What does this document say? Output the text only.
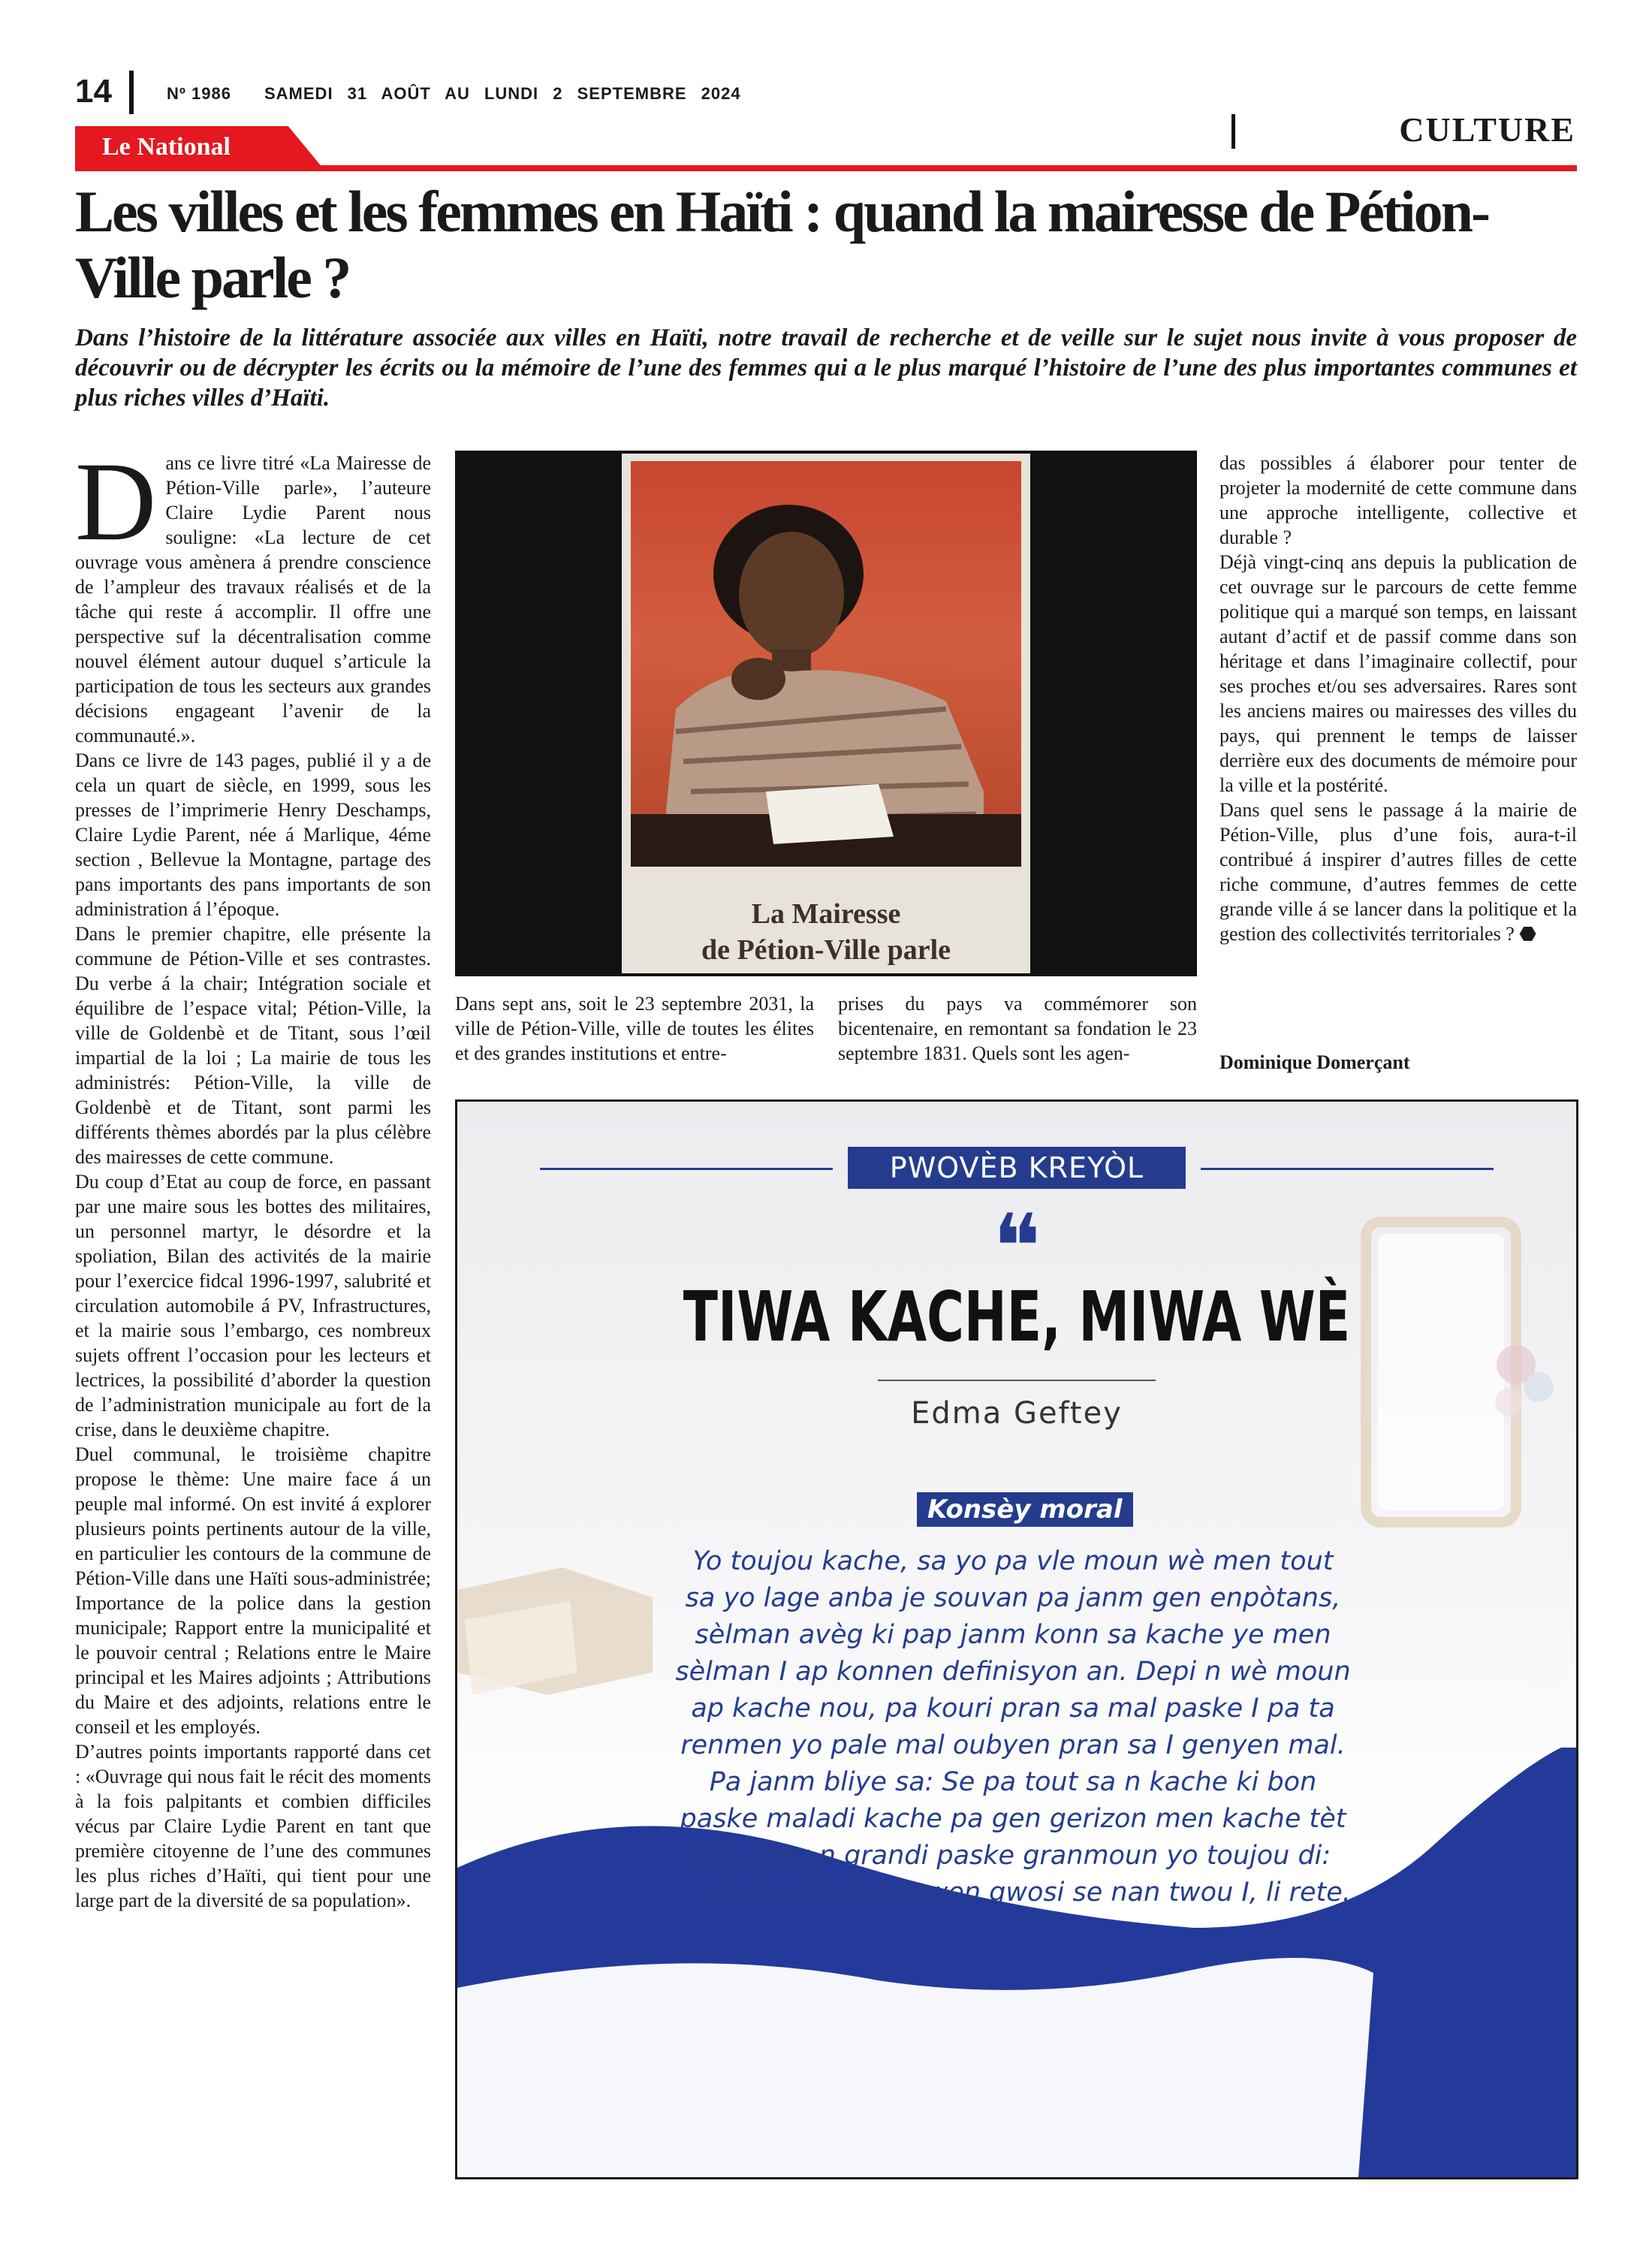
14	Nº 1986 SAMEDI 31 AOÛT AU LUNDI 2 SEPTEMBRE 2024
CULTURE
Le National
Les villes et les femmes en Haïti : quand la mairesse de Pétion-Ville parle ?
Dans l’histoire de la littérature associée aux villes en Haïti, notre travail de recherche et de veille sur le sujet nous invite à vous proposer de découvrir ou de décrypter les écrits ou la mémoire de l’une des femmes qui a le plus marqué l’histoire de l’une des plus importantes communes et plus riches villes d’Haïti.

Dans ce livre titré «La Mairesse de Pétion-Ville parle», l’auteure Claire Lydie Parent nous souligne: «La lecture de cet ouvrage vous amènera á prendre conscience de l’ampleur des travaux réalisés et de la tâche qui reste á accomplir. Il offre une perspective suf la décentralisation comme nouvel élément autour duquel s’articule la participation de tous les secteurs aux grandes décisions engageant l’avenir de la communauté.».

Dans ce livre de 143 pages, publié il y a de cela un quart de siècle, en 1999, sous les presses de l’imprimerie Henry Deschamps, Claire Lydie Parent, née á Marlique, 4éme section , Bellevue la Montagne, partage des pans importants des pans importants de son administration á l’époque.

Dans le premier chapitre, elle présente la commune de Pétion-Ville et ses contrastes. Du verbe á la chair; Intégration sociale et équilibre de l’espace vital; Pétion-Ville, la ville de Goldenbè et de Titant, sous l’œil impartial de la loi ; La mairie de tous les administrés: Pétion-Ville, la ville de Goldenbè et de Titant, sont parmi les différents thèmes abordés par la plus célèbre des mairesses de cette commune.

Du coup d’Etat au coup de force, en passant par une maire sous les bottes des militaires, un personnel martyr, le désordre et la spoliation, Bilan des activités de la mairie pour l’exercice fidcal 1996-1997, salubrité et circulation automobile á PV, Infrastructures, et la mairie sous l’embargo, ces nombreux sujets offrent l’occasion pour les lecteurs et lectrices, la possibilité d’aborder la question de l’administration municipale au fort de la crise, dans le deuxième chapitre.

Duel communal, le troisième chapitre propose le thème: Une maire face á un peuple mal informé. On est invité á explorer plusieurs points pertinents autour de la ville, en particulier les contours de la commune de Pétion-Ville dans une Haïti sous-administrée; Importance de la police dans la gestion municipale; Rapport entre la municipalité et le pouvoir central ; Relations entre le Maire principal et les Maires adjoints ; Attributions du Maire et des adjoints, relations entre le conseil et les employés.

D’autres points importants rapporté dans cet : «Ouvrage qui nous fait le récit des moments à la fois palpitants et combien difficiles vécus par Claire Lydie Parent en tant que première citoyenne de l’une des communes les plus riches d’Haïti, qui tient pour une large part de la diversité de sa population».

La Mairesse
de Pétion-Ville parle
Dans sept ans, soit le 23 septembre 2031, la ville de Pétion-Ville, ville de toutes les élites et des grandes institutions et entre-
prises du pays va commémorer son bicentenaire, en remontant sa fondation le 23 septembre 1831. Quels sont les agen-

das possibles á élaborer pour tenter de projeter la modernité de cette commune dans une approche intelligente, collective et durable ?

Déjà vingt-cinq ans depuis la publication de cet ouvrage sur le parcours de cette femme politique qui a marqué son temps, en laissant autant d’actif et de passif comme dans son héritage et dans l’imaginaire collectif, pour ses proches et/ou ses adversaires. Rares sont les anciens maires ou mairesses des villes du pays, qui prennent le temps de laisser derrière eux des documents de mémoire pour la ville et la postérité.

Dans quel sens le passage á la mairie de Pétion-Ville, plus d’une fois, aura-t-il contribué á inspirer d’autres filles de cette riche commune, d’autres femmes de cette grande ville á se lancer dans la politique et la gestion des collectivités territoriales ? ⬣

Dominique Domerçant
PWOVÈB KREYÒL
❝
TIWA KACHE, MIWA WÈ
Edma Geftey
Konsèy moral
Yo toujou kache, sa yo pa vle moun wè men tout sa yo lage anba je souvan pa janm gen enpòtans, sèlman avèg ki pap janm konn sa kache ye men sèlman I ap konnen definisyon an. Depi n wè moun ap kache nou, pa kouri pran sa mal paske I pa ta renmen yo pale mal oubyen pran sa I genyen mal. Pa janm bliye sa: Se pa tout sa n kache ki bon paske maladi kache pa gen gerizon men kache tèt nou, pou n grandi paske granmoun yo toujou di: << ti koulèv ki bezwen gwosi se nan twou I, li rete.
